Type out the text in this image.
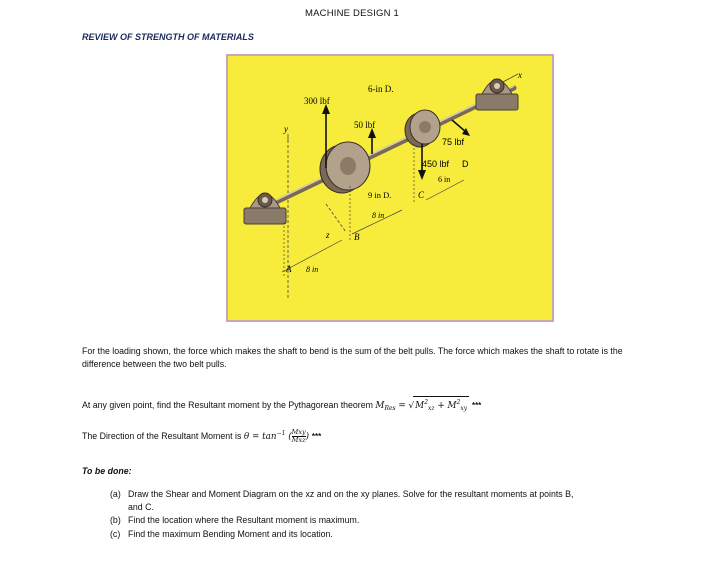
MACHINE DESIGN 1
REVIEW OF STRENGTH OF MATERIALS
300 lbf
6-in D.
50 lbf
75 lbf
450 lbf D
6 in
9 in D.	C
8 in
B
A 8 in
x
y
z
For the loading shown, the force which makes the shaft to bend is the sum of the belt pulls. The force which makes the shaft to rotate is the difference between the two belt pulls.
At any given point, find the Resultant moment by the Pythagorean theorem $M_{Res} = √M^2_{xz} + M^2_{xy}$ ***
The Direction of the Resultant Moment is $\theta = \tan^{-1}$ ( $\frac{\text{Mxy}}{\text{Mxz}}$) ***
To be done:
(a) Draw the Shear and Moment Diagram on the xz and on the xy planes. Solve for the resultant moments at points B, and C.
(b) Find the location where the Resultant moment is maximum.
(c) Find the maximum Bending Moment and its location.
